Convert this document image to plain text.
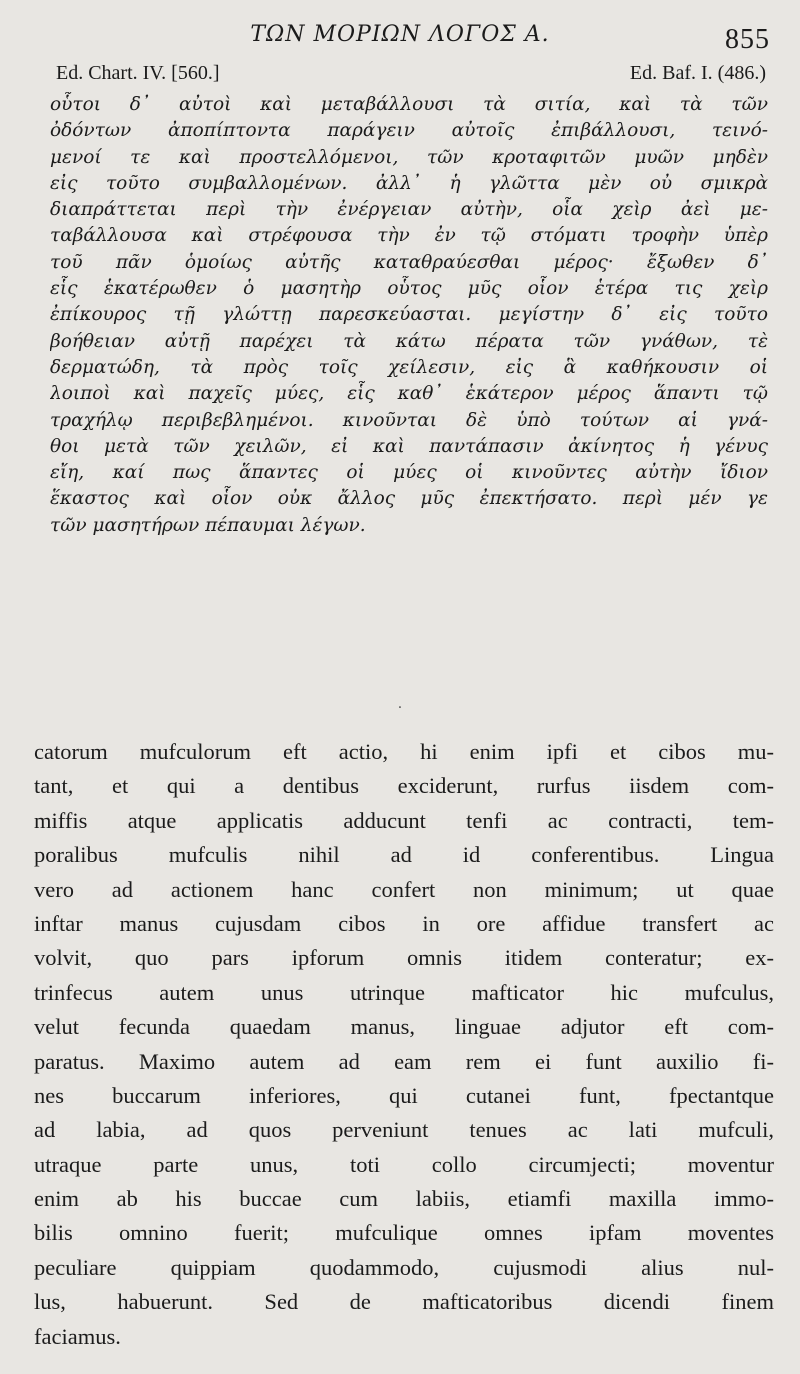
ΤΩΝ ΜΟΡΙΩΝ ΛΟΓΟΣ Α.	855
Ed. Chart. IV. [560.]	Ed. Baf. I. (486.)
οὗτοι δ᾽ αὐτοὶ καὶ μεταβάλλουσι τὰ σιτία, καὶ τὰ τῶν
ὀδόντων ἀποπίπτοντα παράγειν αὐτοῖς ἐπιβάλλουσι, τεινό-
μενοί τε καὶ προστελλόμενοι, τῶν κροταφιτῶν μυῶν μηδὲν
εἰς τοῦτο συμβαλλομένων. ἀλλ᾽ ἡ γλῶττα μὲν οὐ σμικρὰ
διαπράττεται περὶ τὴν ἐνέργειαν αὐτὴν, οἷα χεὶρ ἀεὶ με-
ταβάλλουσα καὶ στρέφουσα τὴν ἐν τῷ στόματι τροφὴν ὑπὲρ
τοῦ πᾶν ὁμοίως αὐτῆς καταθραύεσθαι μέρος· ἔξωθεν δ᾽
εἷς ἑκατέρωθεν ὁ μασητὴρ οὗτος μῦς οἷον ἑτέρα τις χεὶρ
ἐπίκουρος τῇ γλώττῃ παρεσκεύασται. μεγίστην δ᾽ εἰς τοῦτο
βοήθειαν αὐτῇ παρέχει τὰ κάτω πέρατα τῶν γνάθων, τὲ
δερματώδη, τὰ πρὸς τοῖς χείλεσιν, εἰς ἃ καθήκουσιν οἱ
λοιποὶ καὶ παχεῖς μύες, εἷς καθ᾽ ἑκάτερον μέρος ἅπαντι τῷ
τραχήλῳ περιβεβλημένοι. κινοῦνται δὲ ὑπὸ τούτων αἱ γνά-
θοι μετὰ τῶν χειλῶν, εἰ καὶ παντάπασιν ἀκίνητος ἡ γένυς
εἴη, καί πως ἅπαντες οἱ μύες οἱ κινοῦντες αὐτὴν ἴδιον
ἕκαστος καὶ οἷον οὐκ ἄλλος μῦς ἐπεκτήσατο. περὶ μέν γε
τῶν μασητήρων πέπαυμαι λέγων.
·
catorum mufculorum eft actio, hi enim ipfi et cibos mu-
tant, et qui a dentibus exciderunt, rurfus iisdem com-
miffis atque applicatis adducunt tenfi ac contracti, tem-
poralibus mufculis nihil ad id conferentibus. Lingua
vero ad actionem hanc confert non minimum; ut quae
inftar manus cujusdam cibos in ore affidue transfert ac
volvit, quo pars ipforum omnis itidem conteratur; ex-
trinfecus autem unus utrinque mafticator hic mufculus,
velut fecunda quaedam manus, linguae adjutor eft com-
paratus. Maximo autem ad eam rem ei funt auxilio fi-
nes buccarum inferiores, qui cutanei funt, fpectantque
ad labia, ad quos perveniunt tenues ac lati mufculi,
utraque parte unus, toti collo circumjecti; moventur
enim ab his buccae cum labiis, etiamfi maxilla immo-
bilis omnino fuerit; mufculique omnes ipfam moventes
peculiare quippiam quodammodo, cujusmodi alius nul-
lus, habuerunt. Sed de mafticatoribus dicendi finem
faciamus.
